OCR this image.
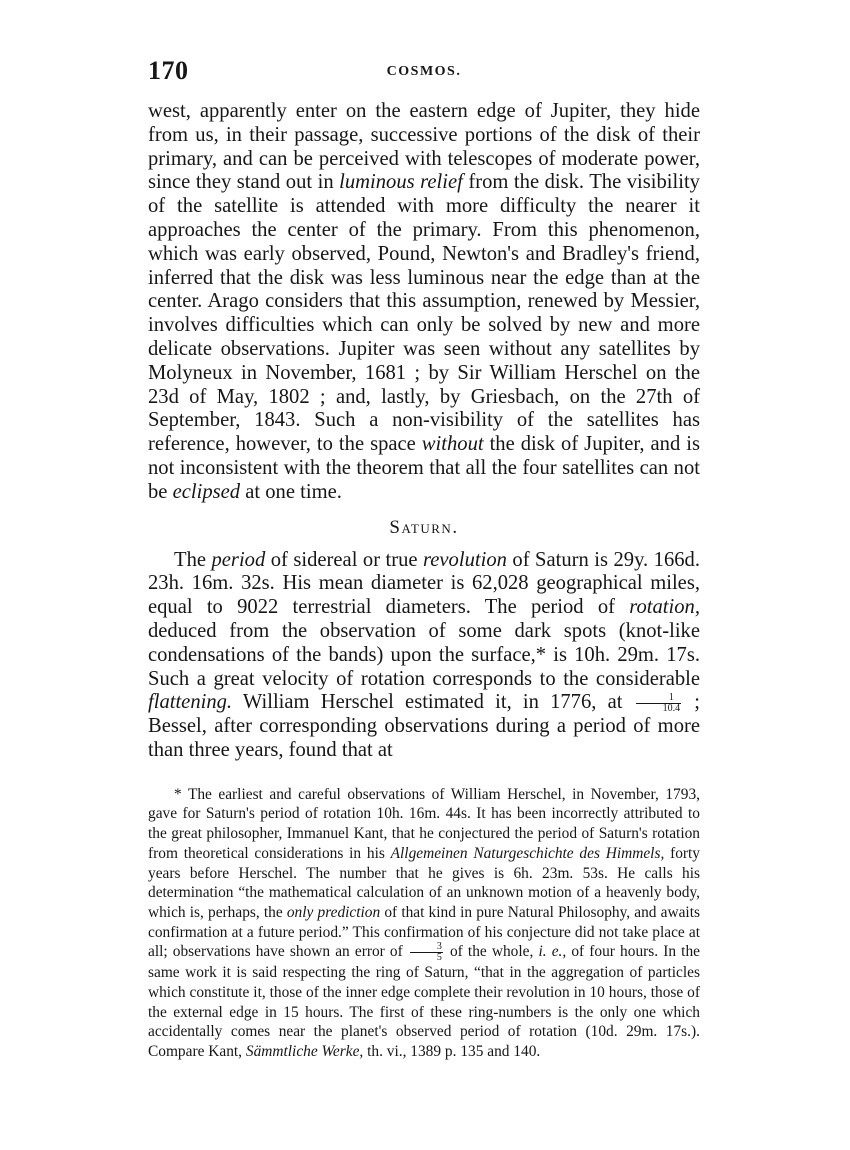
170	COSMOS.

west, apparently enter on the eastern edge of Jupiter, they hide from us, in their passage, successive portions of the disk of their primary, and can be perceived with telescopes of moderate power, since they stand out in luminous relief from the disk. The visibility of the satellite is attended with more difficulty the nearer it approaches the center of the primary. From this phenomenon, which was early observed, Pound, Newton's and Bradley's friend, inferred that the disk was less luminous near the edge than at the center. Arago considers that this assumption, renewed by Messier, involves difficulties which can only be solved by new and more delicate observations. Jupiter was seen without any satellites by Molyneux in November, 1681 ; by Sir William Herschel on the 23d of May, 1802 ; and, lastly, by Griesbach, on the 27th of September, 1843. Such a non-visibility of the satellites has reference, however, to the space without the disk of Jupiter, and is not inconsistent with the theorem that all the four satellites can not be eclipsed at one time.

Saturn.

The period of sidereal or true revolution of Saturn is 29y. 166d. 23h. 16m. 32s. His mean diameter is 62,028 geographical miles, equal to 9022 terrestrial diameters. The period of rotation, deduced from the observation of some dark spots (knot-like condensations of the bands) upon the surface,* is 10h. 29m. 17s. Such a great velocity of rotation corresponds to the considerable flattening. William Herschel estimated it, in 1776, at $\frac{1}{10.4}$ ; Bessel, after corresponding observations during a period of more than three years, found that at

* The earliest and careful observations of William Herschel, in November, 1793, gave for Saturn's period of rotation 10h. 16m. 44s. It has been incorrectly attributed to the great philosopher, Immanuel Kant, that he conjectured the period of Saturn's rotation from theoretical considerations in his Allgemeinen Naturgeschichte des Himmels, forty years before Herschel. The number that he gives is 6h. 23m. 53s. He calls his determination “the mathematical calculation of an unknown motion of a heavenly body, which is, perhaps, the only prediction of that kind in pure Natural Philosophy, and awaits confirmation at a future period.” This confirmation of his conjecture did not take place at all; observations have shown an error of $\frac{3}{5}$ of the whole, i. e., of four hours. In the same work it is said respecting the ring of Saturn, “that in the aggregation of particles which constitute it, those of the inner edge complete their revolution in 10 hours, those of the external edge in 15 hours. The first of these ring-numbers is the only one which accidentally comes near the planet's observed period of rotation (10d. 29m. 17s.). Compare Kant, Sämmtliche Werke, th. vi., 1389 p. 135 and 140.
